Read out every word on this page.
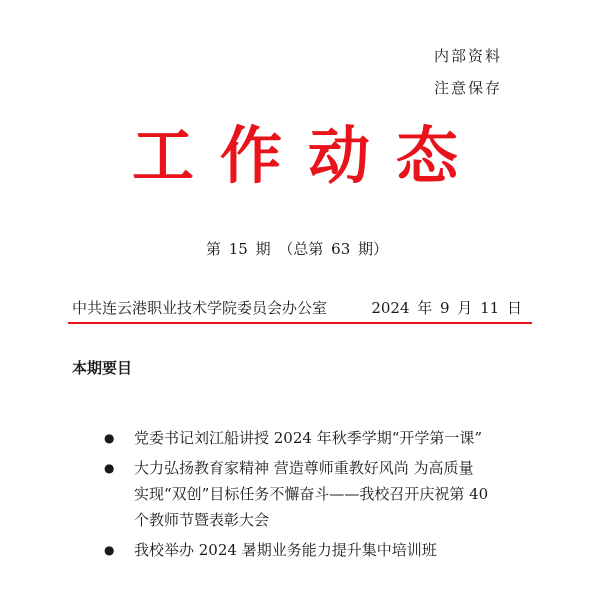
内部资料
注意保存
工作动态
第 15 期 （总第 63 期）
中共连云港职业技术学院委员会办公室	2024 年 9 月 11 日
本期要目
● 党委书记刘江船讲授 2024 年秋季学期“开学第一课”
● 大力弘扬教育家精神 营造尊师重教好风尚 为高质量
实现“双创”目标任务不懈奋斗——我校召开庆祝第 40
个教师节暨表彰大会
● 我校举办 2024 暑期业务能力提升集中培训班
